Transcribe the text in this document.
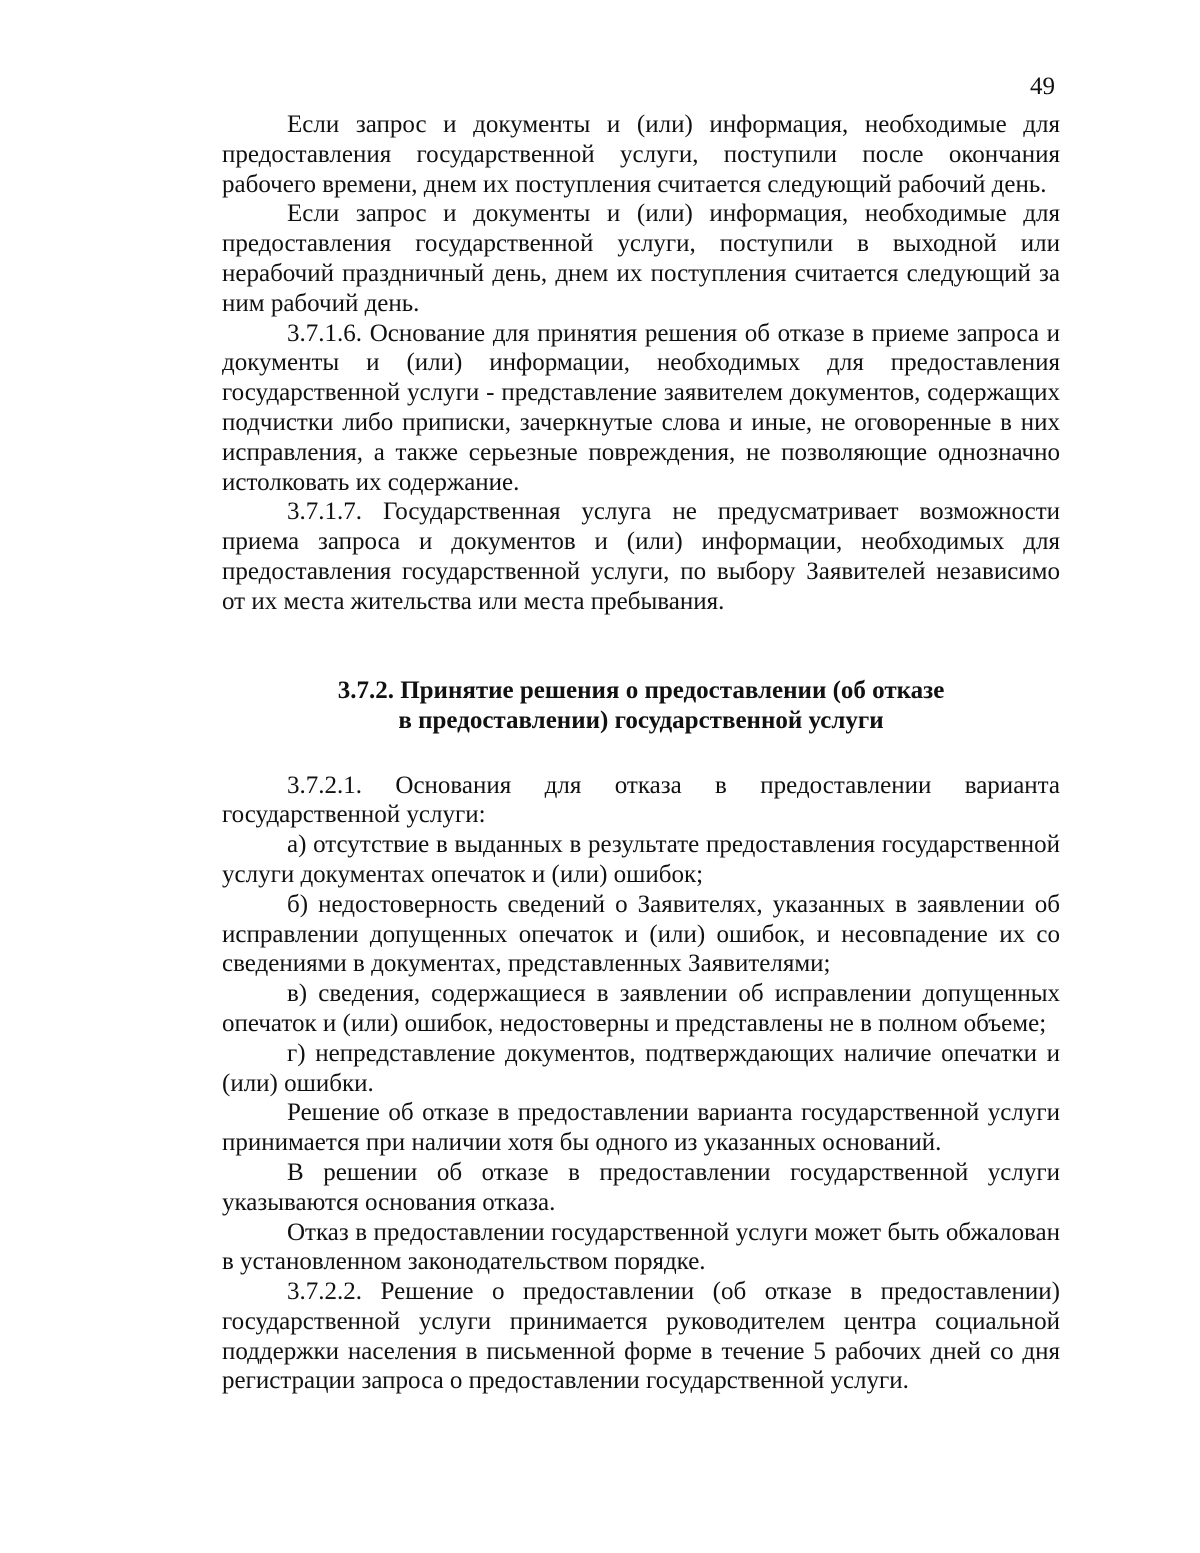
49

Если запрос и документы и (или) информация, необходимые для предоставления государственной услуги, поступили после окончания рабочего времени, днем их поступления считается следующий рабочий день.

Если запрос и документы и (или) информация, необходимые для предоставления государственной услуги, поступили в выходной или нерабочий праздничный день, днем их поступления считается следующий за ним рабочий день.

3.7.1.6. Основание для принятия решения об отказе в приеме запроса и документы и (или) информации, необходимых для предоставления государственной услуги - представление заявителем документов, содержащих подчистки либо приписки, зачеркнутые слова и иные, не оговоренные в них исправления, а также серьезные повреждения, не позволяющие однозначно истолковать их содержание.

3.7.1.7. Государственная услуга не предусматривает возможности приема запроса и документов и (или) информации, необходимых для предоставления государственной услуги, по выбору Заявителей независимо от их места жительства или места пребывания.

3.7.2. Принятие решения о предоставлении (об отказе
в предоставлении) государственной услуги

3.7.2.1. Основания для отказа в предоставлении варианта государственной услуги:

а) отсутствие в выданных в результате предоставления государственной услуги документах опечаток и (или) ошибок;

б) недостоверность сведений о Заявителях, указанных в заявлении об исправлении допущенных опечаток и (или) ошибок, и несовпадение их со сведениями в документах, представленных Заявителями;

в) сведения, содержащиеся в заявлении об исправлении допущенных опечаток и (или) ошибок, недостоверны и представлены не в полном объеме;

г) непредставление документов, подтверждающих наличие опечатки и (или) ошибки.

Решение об отказе в предоставлении варианта государственной услуги принимается при наличии хотя бы одного из указанных оснований.

В решении об отказе в предоставлении государственной услуги указываются основания отказа.

Отказ в предоставлении государственной услуги может быть обжалован в установленном законодательством порядке.

3.7.2.2. Решение о предоставлении (об отказе в предоставлении) государственной услуги принимается руководителем центра социальной поддержки населения в письменной форме в течение 5 рабочих дней со дня регистрации запроса о предоставлении государственной услуги.
